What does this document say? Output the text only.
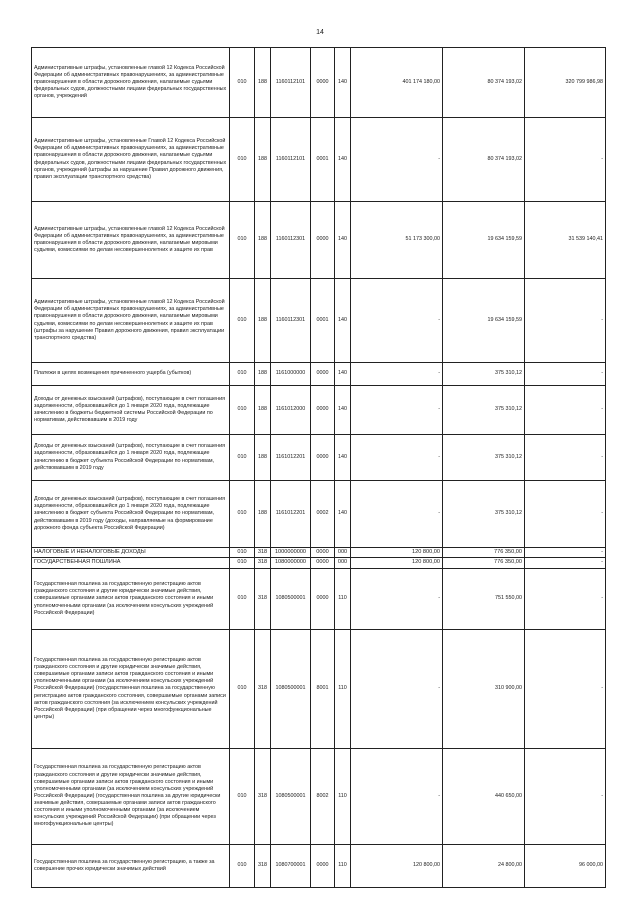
14
Административные штрафы, установленные главой 12 Кодекса Российской Федерации об административных правонарушениях, за административные правонарушения в области дорожного движения, налагаемые судьями федеральных судов, должностными лицами федеральных государственных органов, учреждений	010	188	1160112101	0000	140	401 174 180,00	80 374 193,02	320 799 986,98
Административные штрафы, установленные Главой 12 Кодекса Российской Федерации об административных правонарушениях, за административные правонарушения в области дорожного движения, налагаемые судьями федеральных судов, должностными лицами федеральных государственных органов, учреждений (штрафы за нарушение Правил дорожного движения, правил эксплуатации транспортного средства)	010	188	1160112101	0001	140	-	80 374 193,02	-
Административные штрафы, установленные главой 12 Кодекса Российской Федерации об административных правонарушениях, за административные правонарушения в области дорожного движения, налагаемые мировыми судьями, комиссиями по делам несовершеннолетних и защите их прав	010	188	1160112301	0000	140	51 173 300,00	19 634 159,59	31 539 140,41
Административные штрафы, установленные главой 12 Кодекса Российской Федерации об административных правонарушениях, за административные правонарушения в области дорожного движения, налагаемые мировыми судьями, комиссиями по делам несовершеннолетних и защите их прав (штрафы за нарушение Правил дорожного движения, правил эксплуатации транспортного средства)	010	188	1160112301	0001	140	-	19 634 159,59	-
Платежи в целях возмещения причиненного ущерба (убытков)	010	188	1161000000	0000	140	-	375 310,12	-
Доходы от денежных взысканий (штрафов), поступающие в счет погашения задолженности, образовавшейся до 1 января 2020 года, подлежащие зачислению в бюджеты бюджетной системы Российской Федерации по нормативам, действовавшим в 2019 году	010	188	1161012000	0000	140	-	375 310,12	-
Доходы от денежных взысканий (штрафов), поступающие в счет погашения задолженности, образовавшейся до 1 января 2020 года, подлежащие зачислению в бюджет субъекта Российской Федерации по нормативам, действовавшим в 2019 году	010	188	1161012201	0000	140	-	375 310,12	-
Доходы от денежных взысканий (штрафов), поступающие в счет погашения задолженности, образовавшейся до 1 января 2020 года, подлежащие зачислению в бюджет субъекта Российской Федерации по нормативам, действовавшим в 2019 году (доходы, направляемые на формирование дорожного фонда субъекта Российской Федерации)	010	188	1161012201	0002	140	-	375 310,12	-
НАЛОГОВЫЕ И НЕНАЛОГОВЫЕ ДОХОДЫ	010	318	1000000000	0000	000	120 800,00	776 350,00	-
ГОСУДАРСТВЕННАЯ ПОШЛИНА	010	318	1080000000	0000	000	120 800,00	776 350,00	-
Государственная пошлина за государственную регистрацию актов гражданского состояния и другие юридически значимые действия, совершаемые органами записи актов гражданского состояния и иными уполномоченными органами (за исключением консульских учреждений Российской Федерации)	010	318	1080500001	0000	110	-	751 550,00	-
Государственная пошлина за государственную регистрацию актов гражданского состояния и другие юридически значимые действия, совершаемые органами записи актов гражданского состояния и иными уполномоченными органами (за исключением консульских учреждений Российской Федерации) (государственная пошлина за государственную регистрацию актов гражданского состояния, совершаемые органами записи актов гражданского состояния (за исключением консульских учреждений Российской Федерации) (при обращении через многофункциональные центры)	010	318	1080500001	8001	110	-	310 900,00	-
Государственная пошлина за государственную регистрацию актов гражданского состояния и другие юридически значимые действия, совершаемые органами записи актов гражданского состояния и иными уполномоченными органами (за исключением консульских учреждений Российской Федерации) (государственная пошлина за другие юридически значимые действия, совершаемые органами записи актов гражданского состояния и иными уполномоченными органами (за исключением консульских учреждений Российской Федерации) (при обращении через многофункциональные центры)	010	318	1080500001	8002	110	-	440 650,00	-
Государственная пошлина за государственную регистрацию, а также за совершение прочих юридически значимых действий	010	318	1080700001	0000	110	120 800,00	24 800,00	96 000,00
